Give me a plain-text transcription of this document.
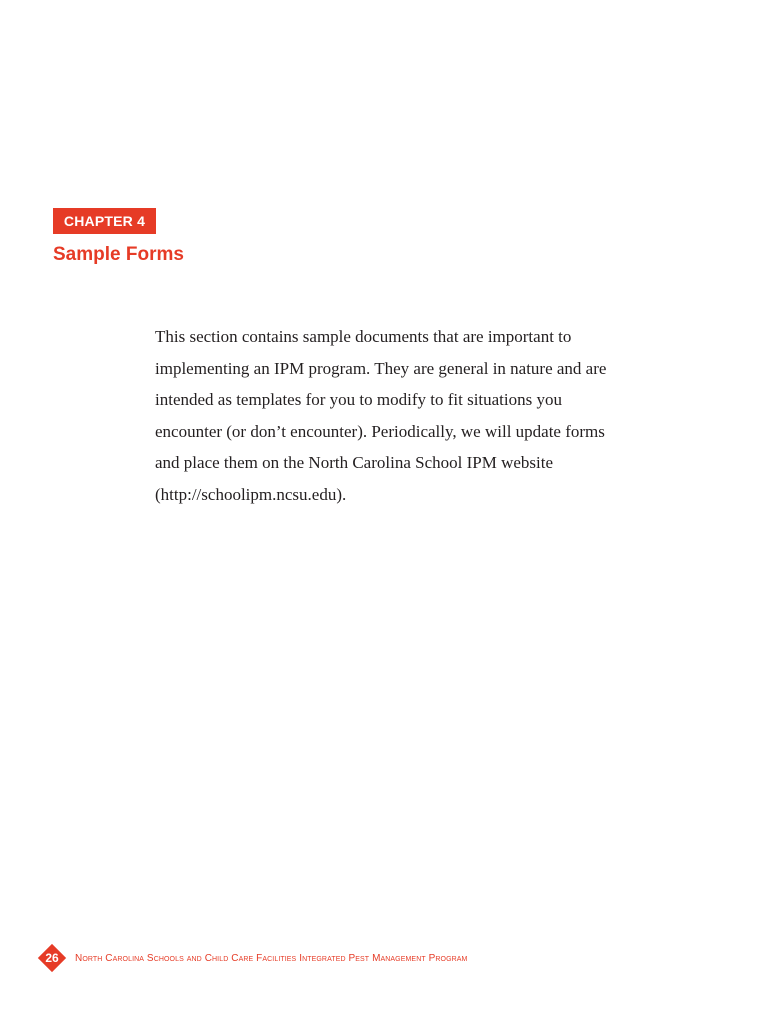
CHAPTER 4
Sample Forms

This section contains sample documents that are important to implementing an IPM program. They are general in nature and are intended as templates for you to modify to fit situations you encounter (or don’t encounter). Periodically, we will update forms and place them on the North Carolina School IPM website (http://schoolipm.ncsu.edu).

26	North Carolina Schools and Child Care Facilities Integrated Pest Management Program
